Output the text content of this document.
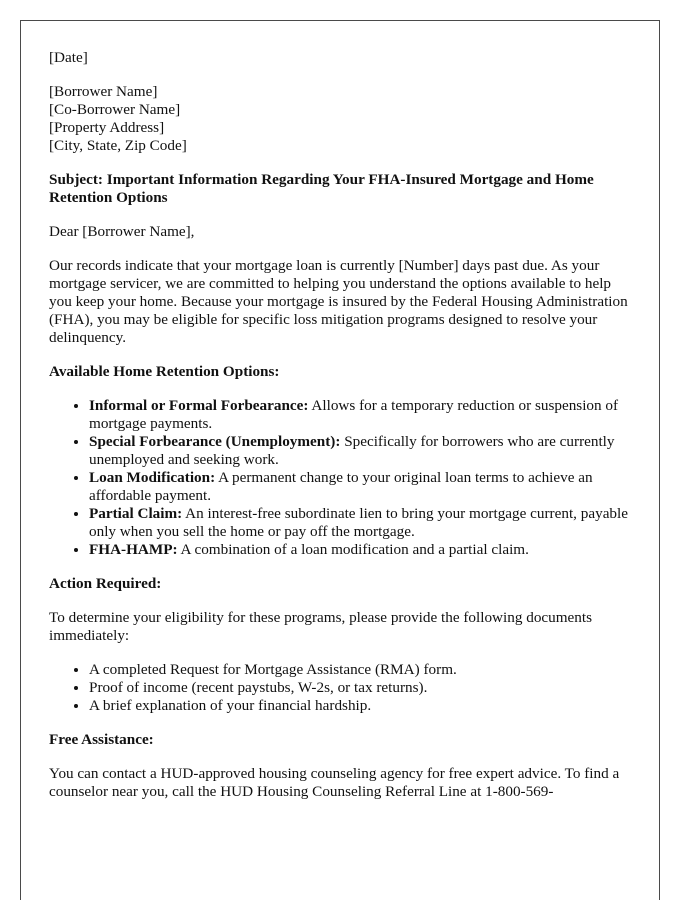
[Date]
[Borrower Name]
[Co-Borrower Name]
[Property Address]
[City, State, Zip Code]
Subject: Important Information Regarding Your FHA-Insured Mortgage and Home Retention Options

Dear [Borrower Name],

Our records indicate that your mortgage loan is currently [Number] days past due. As your mortgage servicer, we are committed to helping you understand the options available to help you keep your home. Because your mortgage is insured by the Federal Housing Administration (FHA), you may be eligible for specific loss mitigation programs designed to resolve your delinquency.

Available Home Retention Options:
• Informal or Formal Forbearance: Allows for a temporary reduction or suspension of mortgage payments.
• Special Forbearance (Unemployment): Specifically for borrowers who are currently unemployed and seeking work.
• Loan Modification: A permanent change to your original loan terms to achieve an affordable payment.
• Partial Claim: An interest-free subordinate lien to bring your mortgage current, payable only when you sell the home or pay off the mortgage.
• FHA-HAMP: A combination of a loan modification and a partial claim.
Action Required:

To determine your eligibility for these programs, please provide the following documents immediately:

• A completed Request for Mortgage Assistance (RMA) form.
• Proof of income (recent paystubs, W-2s, or tax returns).
• A brief explanation of your financial hardship.
Free Assistance:

You can contact a HUD-approved housing counseling agency for free expert advice. To find a counselor near you, call the HUD Housing Counseling Referral Line at 1-800-569-
